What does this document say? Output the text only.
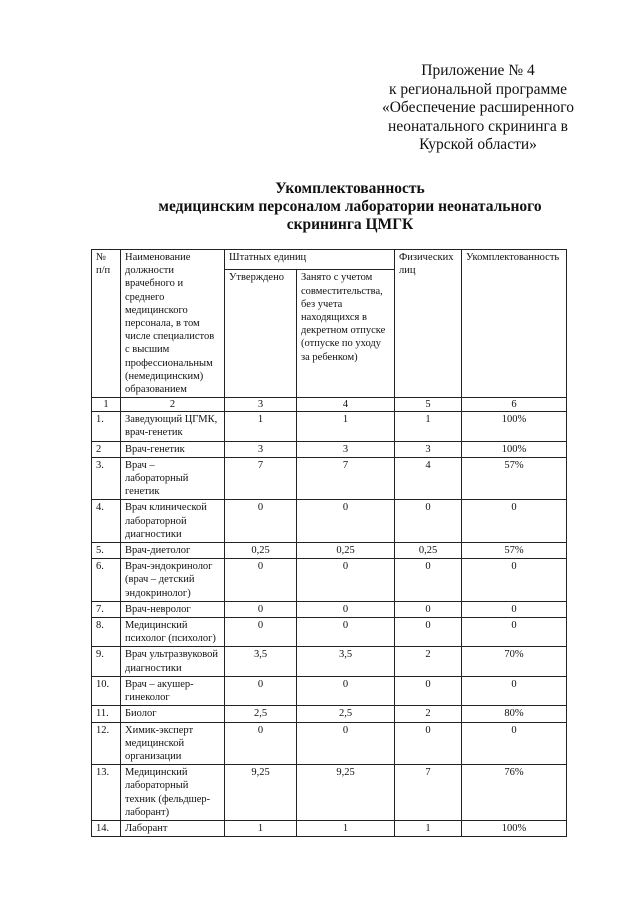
Приложение № 4
к региональной программе
«Обеспечение расширенного
неонатального скрининга в
Курской области»
Укомплектованность
медицинским персоналом лаборатории неонатального
скрининга ЦМГК
№ п/п	Наименование должности врачебного и среднего медицинского персонала, в том числе специалистов с высшим профессиональным (немедицинским) образованием	Штатных единиц		Физических лиц	Укомплектованность
		Утверждено	Занято с учетом совместительства, без учета находящихся в декретном отпуске (отпуске по уходу за ребенком)		
1	2	3	4	5	6
1.	Заведующий ЦГМК, врач-генетик	1	1	1	100%
2	Врач-генетик	3	3	3	100%
3.	Врач – лабораторный генетик	7	7	4	57%
4.	Врач клинической лабораторной диагностики	0	0	0	0
5.	Врач-диетолог	0,25	0,25	0,25	57%
6.	Врач-эндокринолог (врач – детский эндокринолог)	0	0	0	0
7.	Врач-невролог	0	0	0	0
8.	Медицинский психолог (психолог)	0	0	0	0
9.	Врач ультразвуковой диагностики	3,5	3,5	2	70%
10.	Врач – акушер-гинеколог	0	0	0	0
11.	Биолог	2,5	2,5	2	80%
12.	Химик-эксперт медицинской организации	0	0	0	0
13.	Медицинский лабораторный техник (фельдшер-лаборант)	9,25	9,25	7	76%
14.	Лаборант	1	1	1	100%
